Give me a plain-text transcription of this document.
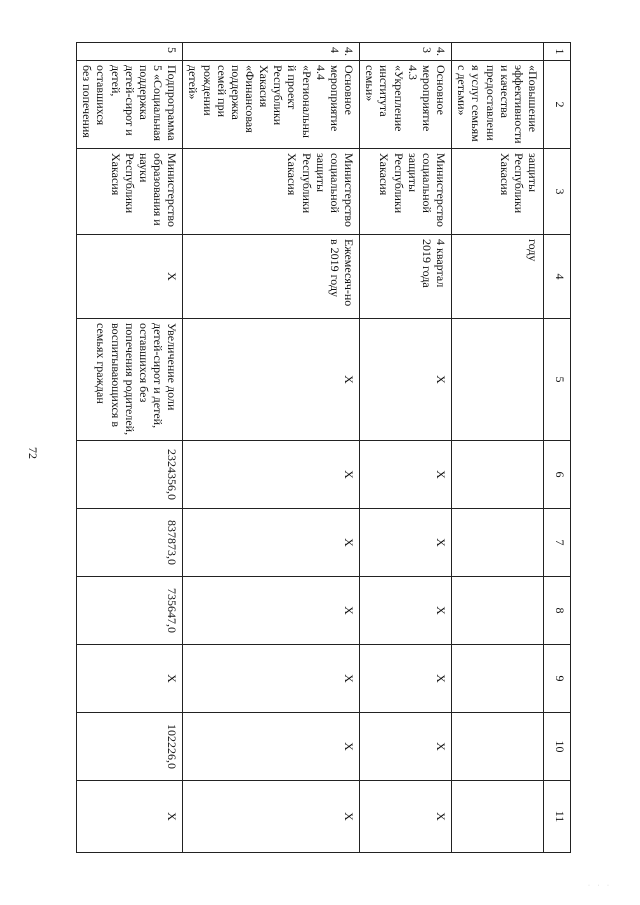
72
1	2	3	4	5	6	7	8	9	10	11
	«Повышение эффективности и качества предоставления услуг семьям с детьми»	защиты Республики Хакасия	году							
4.3	Основное мероприятие 4.3 «Укрепление института семьи»	Министерство социальной защиты Республики Хакасия	4 квартал 2019 года	X	X	X	X	X	X	X
4.4	Основное мероприятие 4.4 «Региональный проект Республики Хакасия «Финансовая поддержка семей при рождении детей»	Министерство социальной защиты Республики Хакасия	Ежемесяч-но в 2019 году	X	X	X	X	X	X	X
5	Подпрограмма 5 «Социальная поддержка детей-сирот и детей, оставшихся без попечения	Министерство образования и науки Республики Хакасия	X	Увеличение доли детей-сирот и детей, оставшихся без попечения родителей, воспитывающихся в семьях граждан	2324356,0	837873,0	735647,0	X	102226,0	X
· · ·
